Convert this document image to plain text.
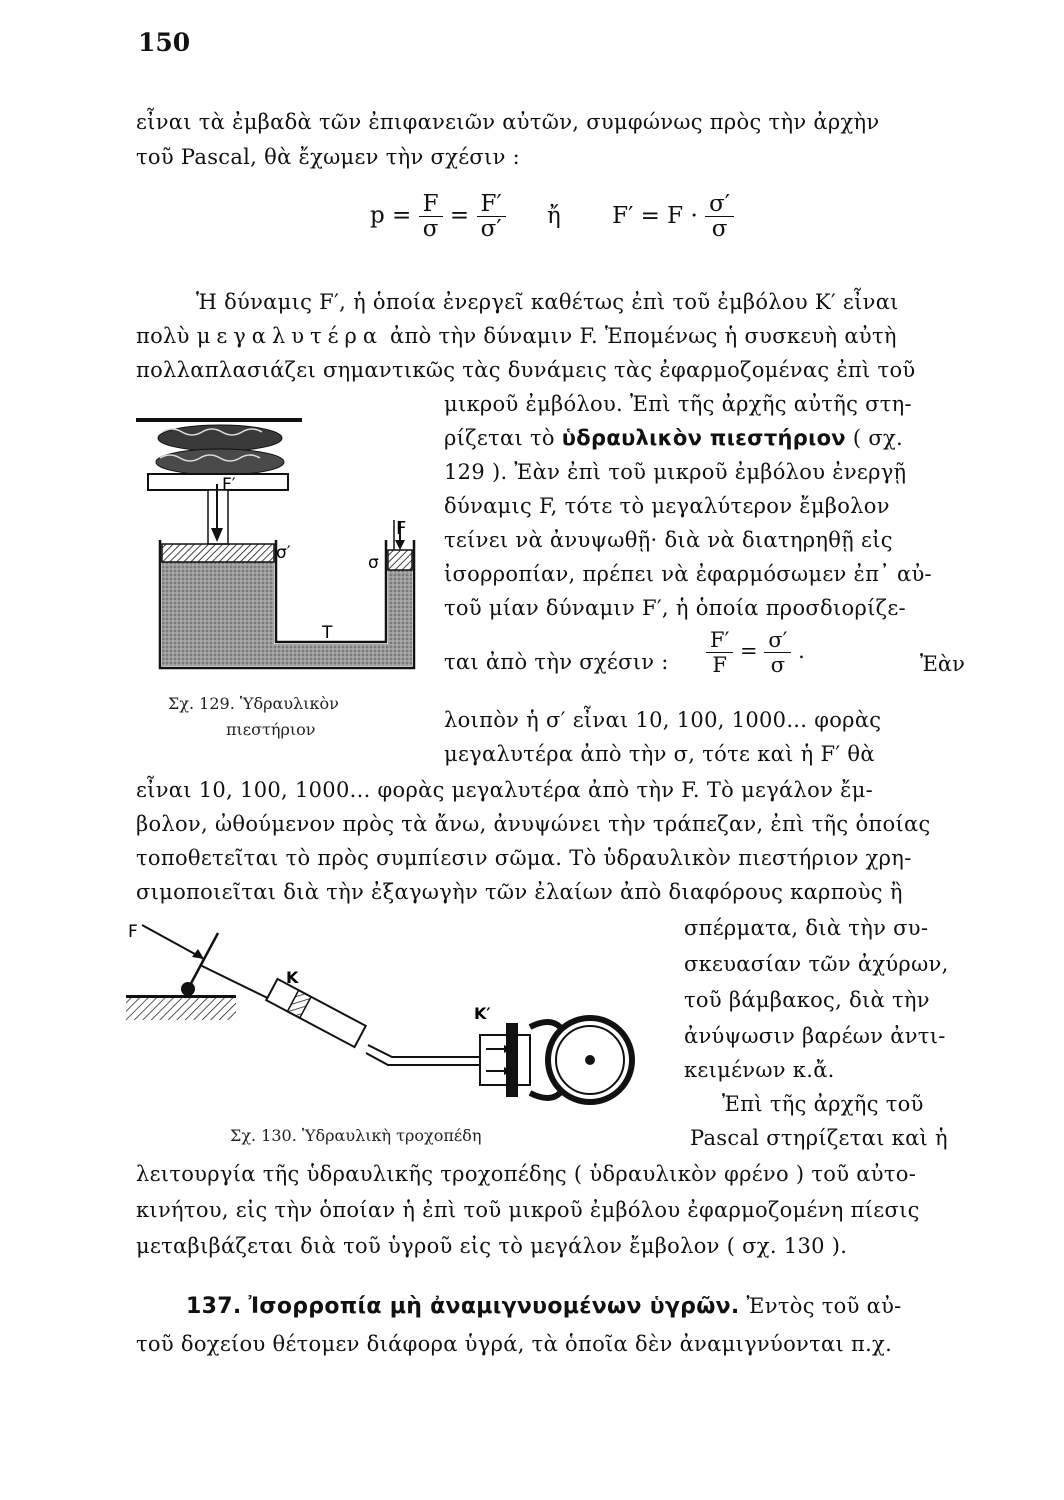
150
εἶναι τὰ ἐμβαδὰ τῶν ἐπιφανειῶν αὐτῶν, συμφώνως πρὸς τὴν ἀρχὴν
τοῦ Pascal, θὰ ἔχωμεν τὴν σχέσιν :
$p = \frac{F}{\sigma} = \frac{F'}{\sigma'}$ ἤ $F' = F \cdot \frac{\sigma'}{\sigma}$
Ἡ δύναμις F′, ἡ ὁποία ἐνεργεῖ καθέτως ἐπὶ τοῦ ἐμβόλου K′ εἶναι
πολὺ μεγαλυτέρα ἀπὸ τὴν δύναμιν F. Ἑπομένως ἡ συσκευὴ αὐτὴ
πολλαπλασιάζει σημαντικῶς τὰς δυνάμεις τὰς ἐφαρμοζομένας ἐπὶ τοῦ
μικροῦ ἐμβόλου. Ἐπὶ τῆς ἀρχῆς αὐτῆς στη-
ρίζεται τὸ ὑδραυλικὸν πιεστήριον ( σχ.
129 ). Ἐὰν ἐπὶ τοῦ μικροῦ ἐμβόλου ἐνεργῇ
δύναμις F, τότε τὸ μεγαλύτερον ἔμβολον
τείνει νὰ ἀνυψωθῇ· διὰ νὰ διατηρηθῇ εἰς
ἰσορροπίαν, πρέπει νὰ ἐφαρμόσωμεν ἐπ᾽ αὐ-
τοῦ μίαν δύναμιν F′, ἡ ὁποία προσδιορίζε-
ται ἀπὸ τὴν σχέσιν :	$\frac{F'}{F} = \frac{\sigma'}{\sigma}$ .
Ἐὰν
λοιπὸν ἡ σ′ εἶναι 10, 100, 1000... φορὰς
μεγαλυτέρα ἀπὸ τὴν σ, τότε καὶ ἡ F′ θὰ
εἶναι 10, 100, 1000... φορὰς μεγαλυτέρα ἀπὸ τὴν F. Τὸ μεγάλον ἔμ-
βολον, ὠθούμενον πρὸς τὰ ἄνω, ἀνυψώνει τὴν τράπεζαν, ἐπὶ τῆς ὁποίας
τοποθετεῖται τὸ πρὸς συμπίεσιν σῶμα. Τὸ ὑδραυλικὸν πιεστήριον χρη-
σιμοποιεῖται διὰ τὴν ἐξαγωγὴν τῶν ἐλαίων ἀπὸ διαφόρους καρποὺς ἢ
σπέρματα, διὰ τὴν συ-
σκευασίαν τῶν ἀχύρων,
τοῦ βάμβακος, διὰ τὴν
ἀνύψωσιν βαρέων ἀντι-
κειμένων κ.ἄ.
Ἐπὶ τῆς ἀρχῆς τοῦ
Pascal στηρίζεται καὶ ἡ
λειτουργία τῆς ὑδραυλικῆς τροχοπέδης ( ὑδραυλικὸν φρένο ) τοῦ αὐτο-
κινήτου, εἰς τὴν ὁποίαν ἡ ἐπὶ τοῦ μικροῦ ἐμβόλου ἐφαρμοζομένη πίεσις
μεταβιβάζεται διὰ τοῦ ὑγροῦ εἰς τὸ μεγάλον ἔμβολον ( σχ. 130 ).
137. Ἰσορροπία μὴ ἀναμιγνυομένων ὑγρῶν. Ἐντὸς τοῦ αὐ-
τοῦ δοχείου θέτομεν διάφορα ὑγρά, τὰ ὁποῖα δὲν ἀναμιγνύονται π.χ.
F′
F
σ′	σ
T
Σχ. 129. Ὑδραυλικὸν
πιεστήριον
F
K
K′
Σχ. 130. Ὑδραυλικὴ τροχοπέδη
